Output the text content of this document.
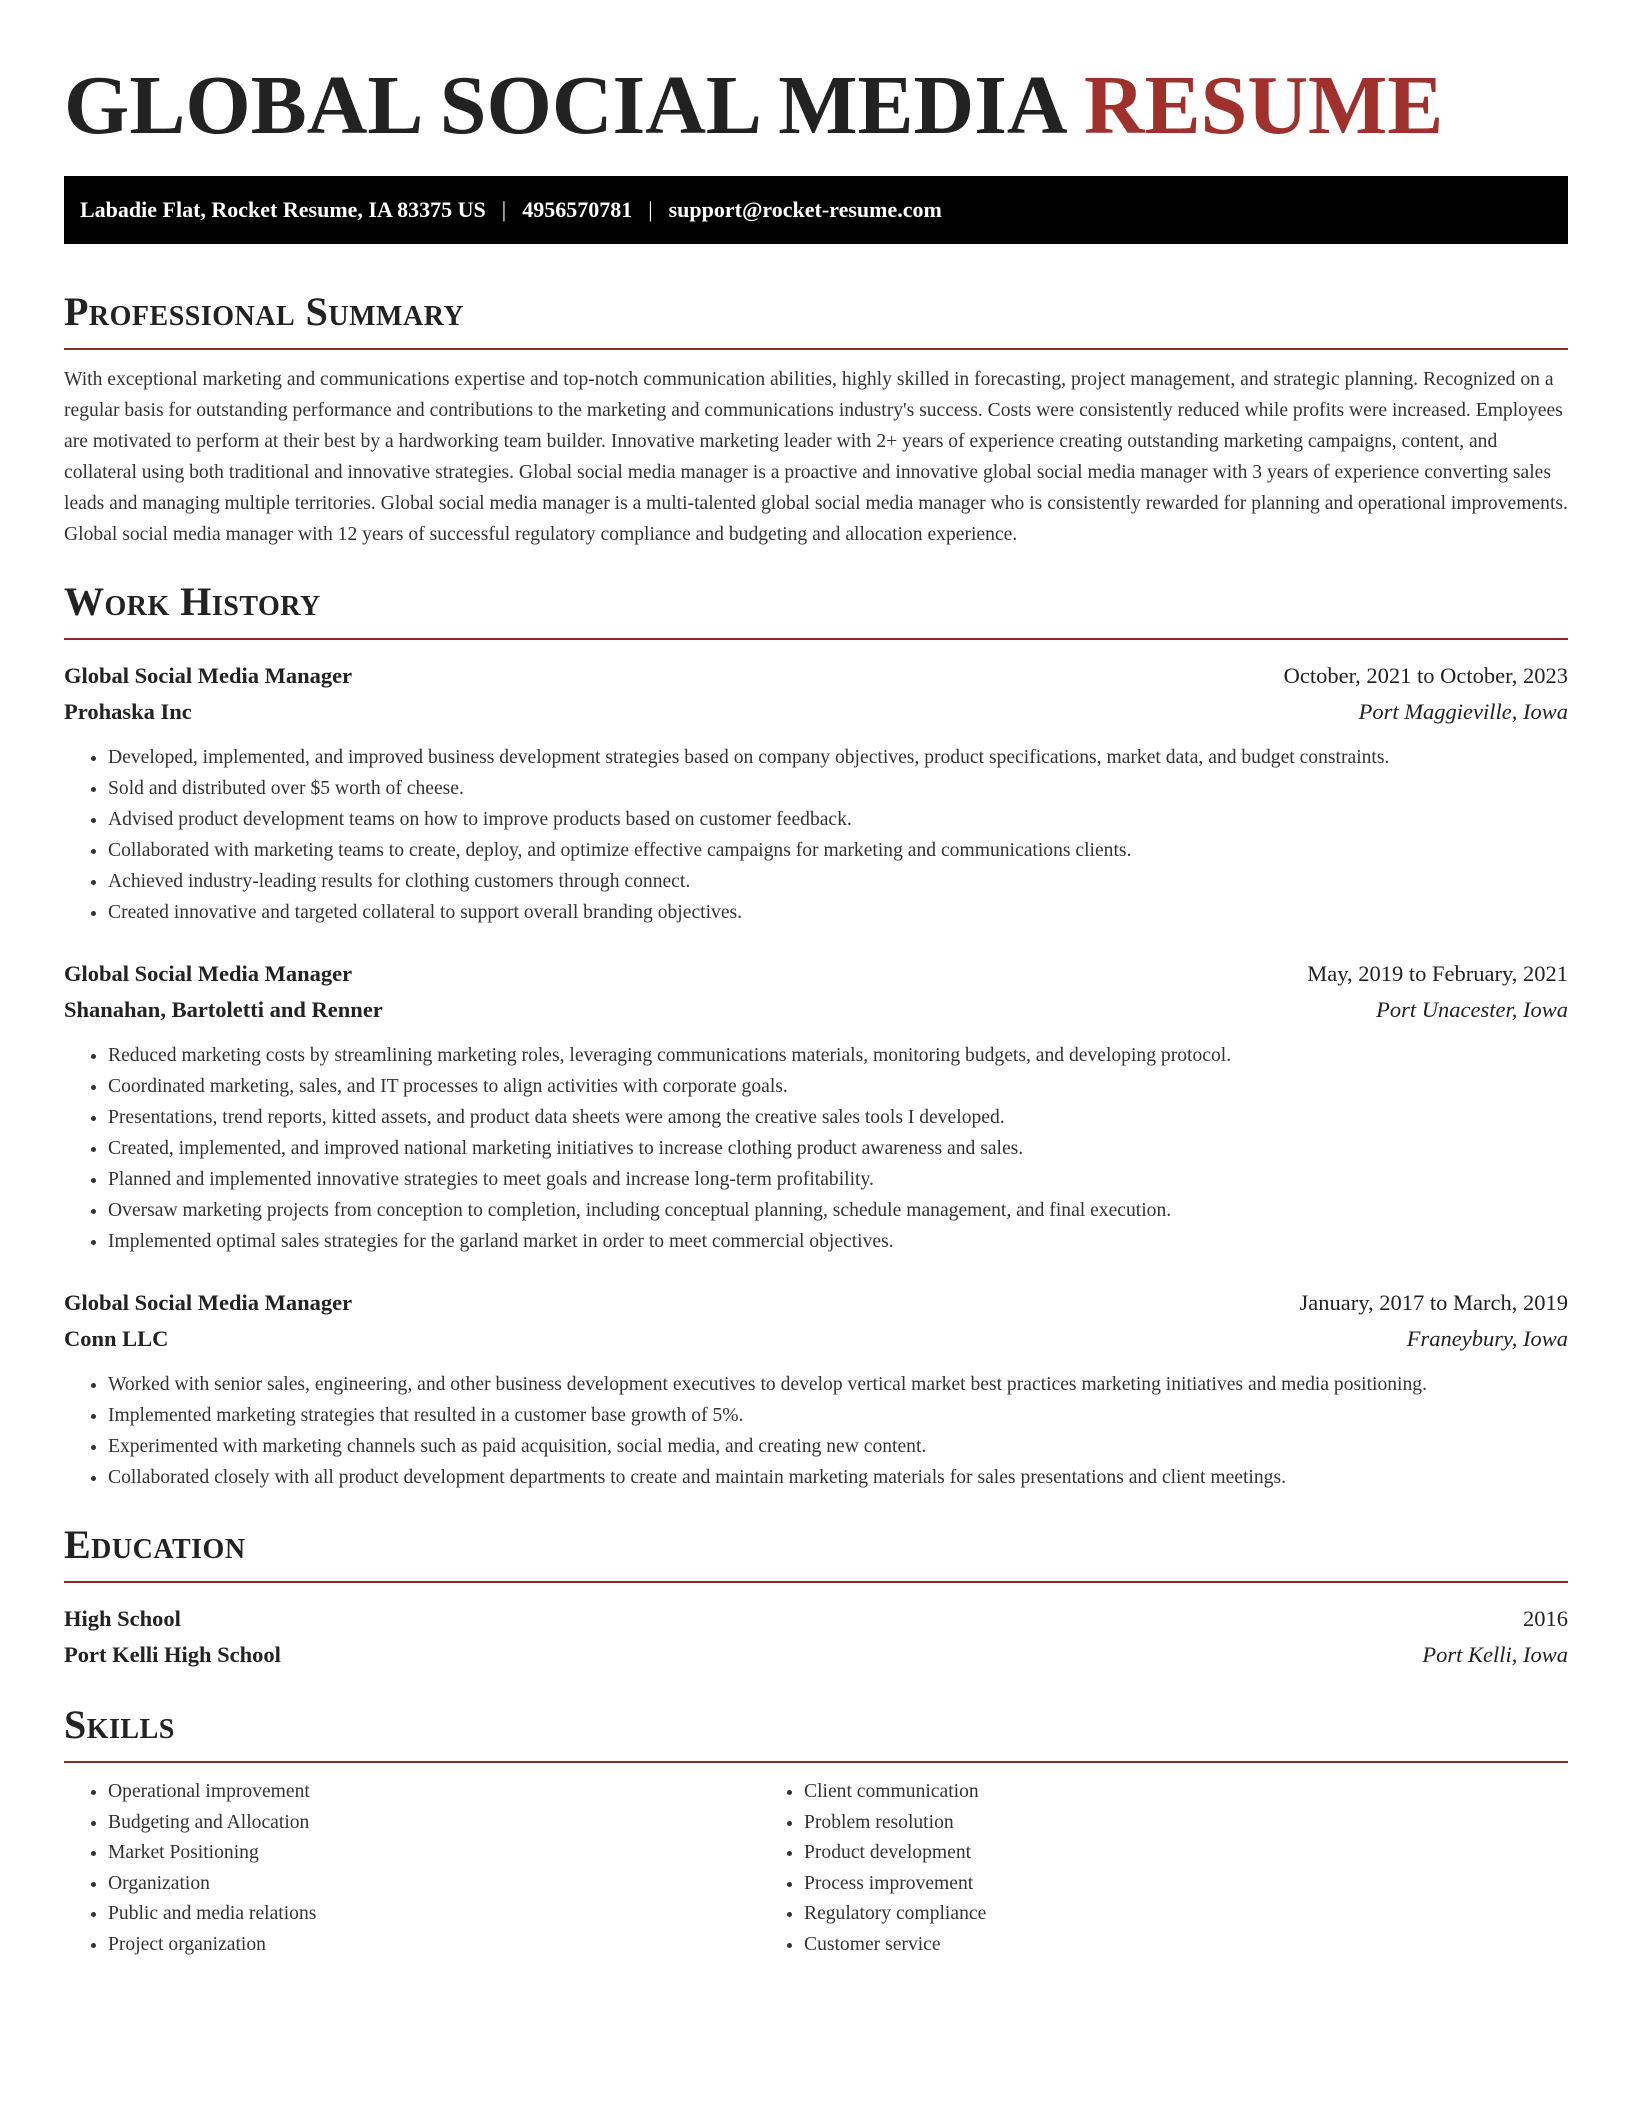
GLOBAL SOCIAL MEDIA RESUME
Labadie Flat, Rocket Resume, IA 83375 US | 4956570781 | support@rocket-resume.com
Professional Summary

With exceptional marketing and communications expertise and top-notch communication abilities, highly skilled in forecasting, project management, and strategic planning. Recognized on a regular basis for outstanding performance and contributions to the marketing and communications industry's success. Costs were consistently reduced while profits were increased. Employees are motivated to perform at their best by a hardworking team builder. Innovative marketing leader with 2+ years of experience creating outstanding marketing campaigns, content, and collateral using both traditional and innovative strategies. Global social media manager is a proactive and innovative global social media manager with 3 years of experience converting sales leads and managing multiple territories. Global social media manager is a multi-talented global social media manager who is consistently rewarded for planning and operational improvements. Global social media manager with 12 years of successful regulatory compliance and budgeting and allocation experience.

Work History
Global Social Media Manager	October, 2021 to October, 2023
Prohaska Inc	Port Maggieville, Iowa
• Developed, implemented, and improved business development strategies based on company objectives, product specifications, market data, and budget constraints.
• Sold and distributed over $5 worth of cheese.
• Advised product development teams on how to improve products based on customer feedback.
• Collaborated with marketing teams to create, deploy, and optimize effective campaigns for marketing and communications clients.
• Achieved industry-leading results for clothing customers through connect.
• Created innovative and targeted collateral to support overall branding objectives.
Global Social Media Manager	May, 2019 to February, 2021
Shanahan, Bartoletti and Renner	Port Unacester, Iowa
• Reduced marketing costs by streamlining marketing roles, leveraging communications materials, monitoring budgets, and developing protocol.
• Coordinated marketing, sales, and IT processes to align activities with corporate goals.
• Presentations, trend reports, kitted assets, and product data sheets were among the creative sales tools I developed.
• Created, implemented, and improved national marketing initiatives to increase clothing product awareness and sales.
• Planned and implemented innovative strategies to meet goals and increase long-term profitability.
• Oversaw marketing projects from conception to completion, including conceptual planning, schedule management, and final execution.
• Implemented optimal sales strategies for the garland market in order to meet commercial objectives.
Global Social Media Manager	January, 2017 to March, 2019
Conn LLC	Franeybury, Iowa
• Worked with senior sales, engineering, and other business development executives to develop vertical market best practices marketing initiatives and media positioning.
• Implemented marketing strategies that resulted in a customer base growth of 5%.
• Experimented with marketing channels such as paid acquisition, social media, and creating new content.
• Collaborated closely with all product development departments to create and maintain marketing materials for sales presentations and client meetings.
Education
High School	2016
Port Kelli High School	Port Kelli, Iowa
Skills
• Operational improvement
• Budgeting and Allocation
• Market Positioning
• Organization
• Public and media relations
• Project organization
• Client communication
• Problem resolution
• Product development
• Process improvement
• Regulatory compliance
• Customer service
